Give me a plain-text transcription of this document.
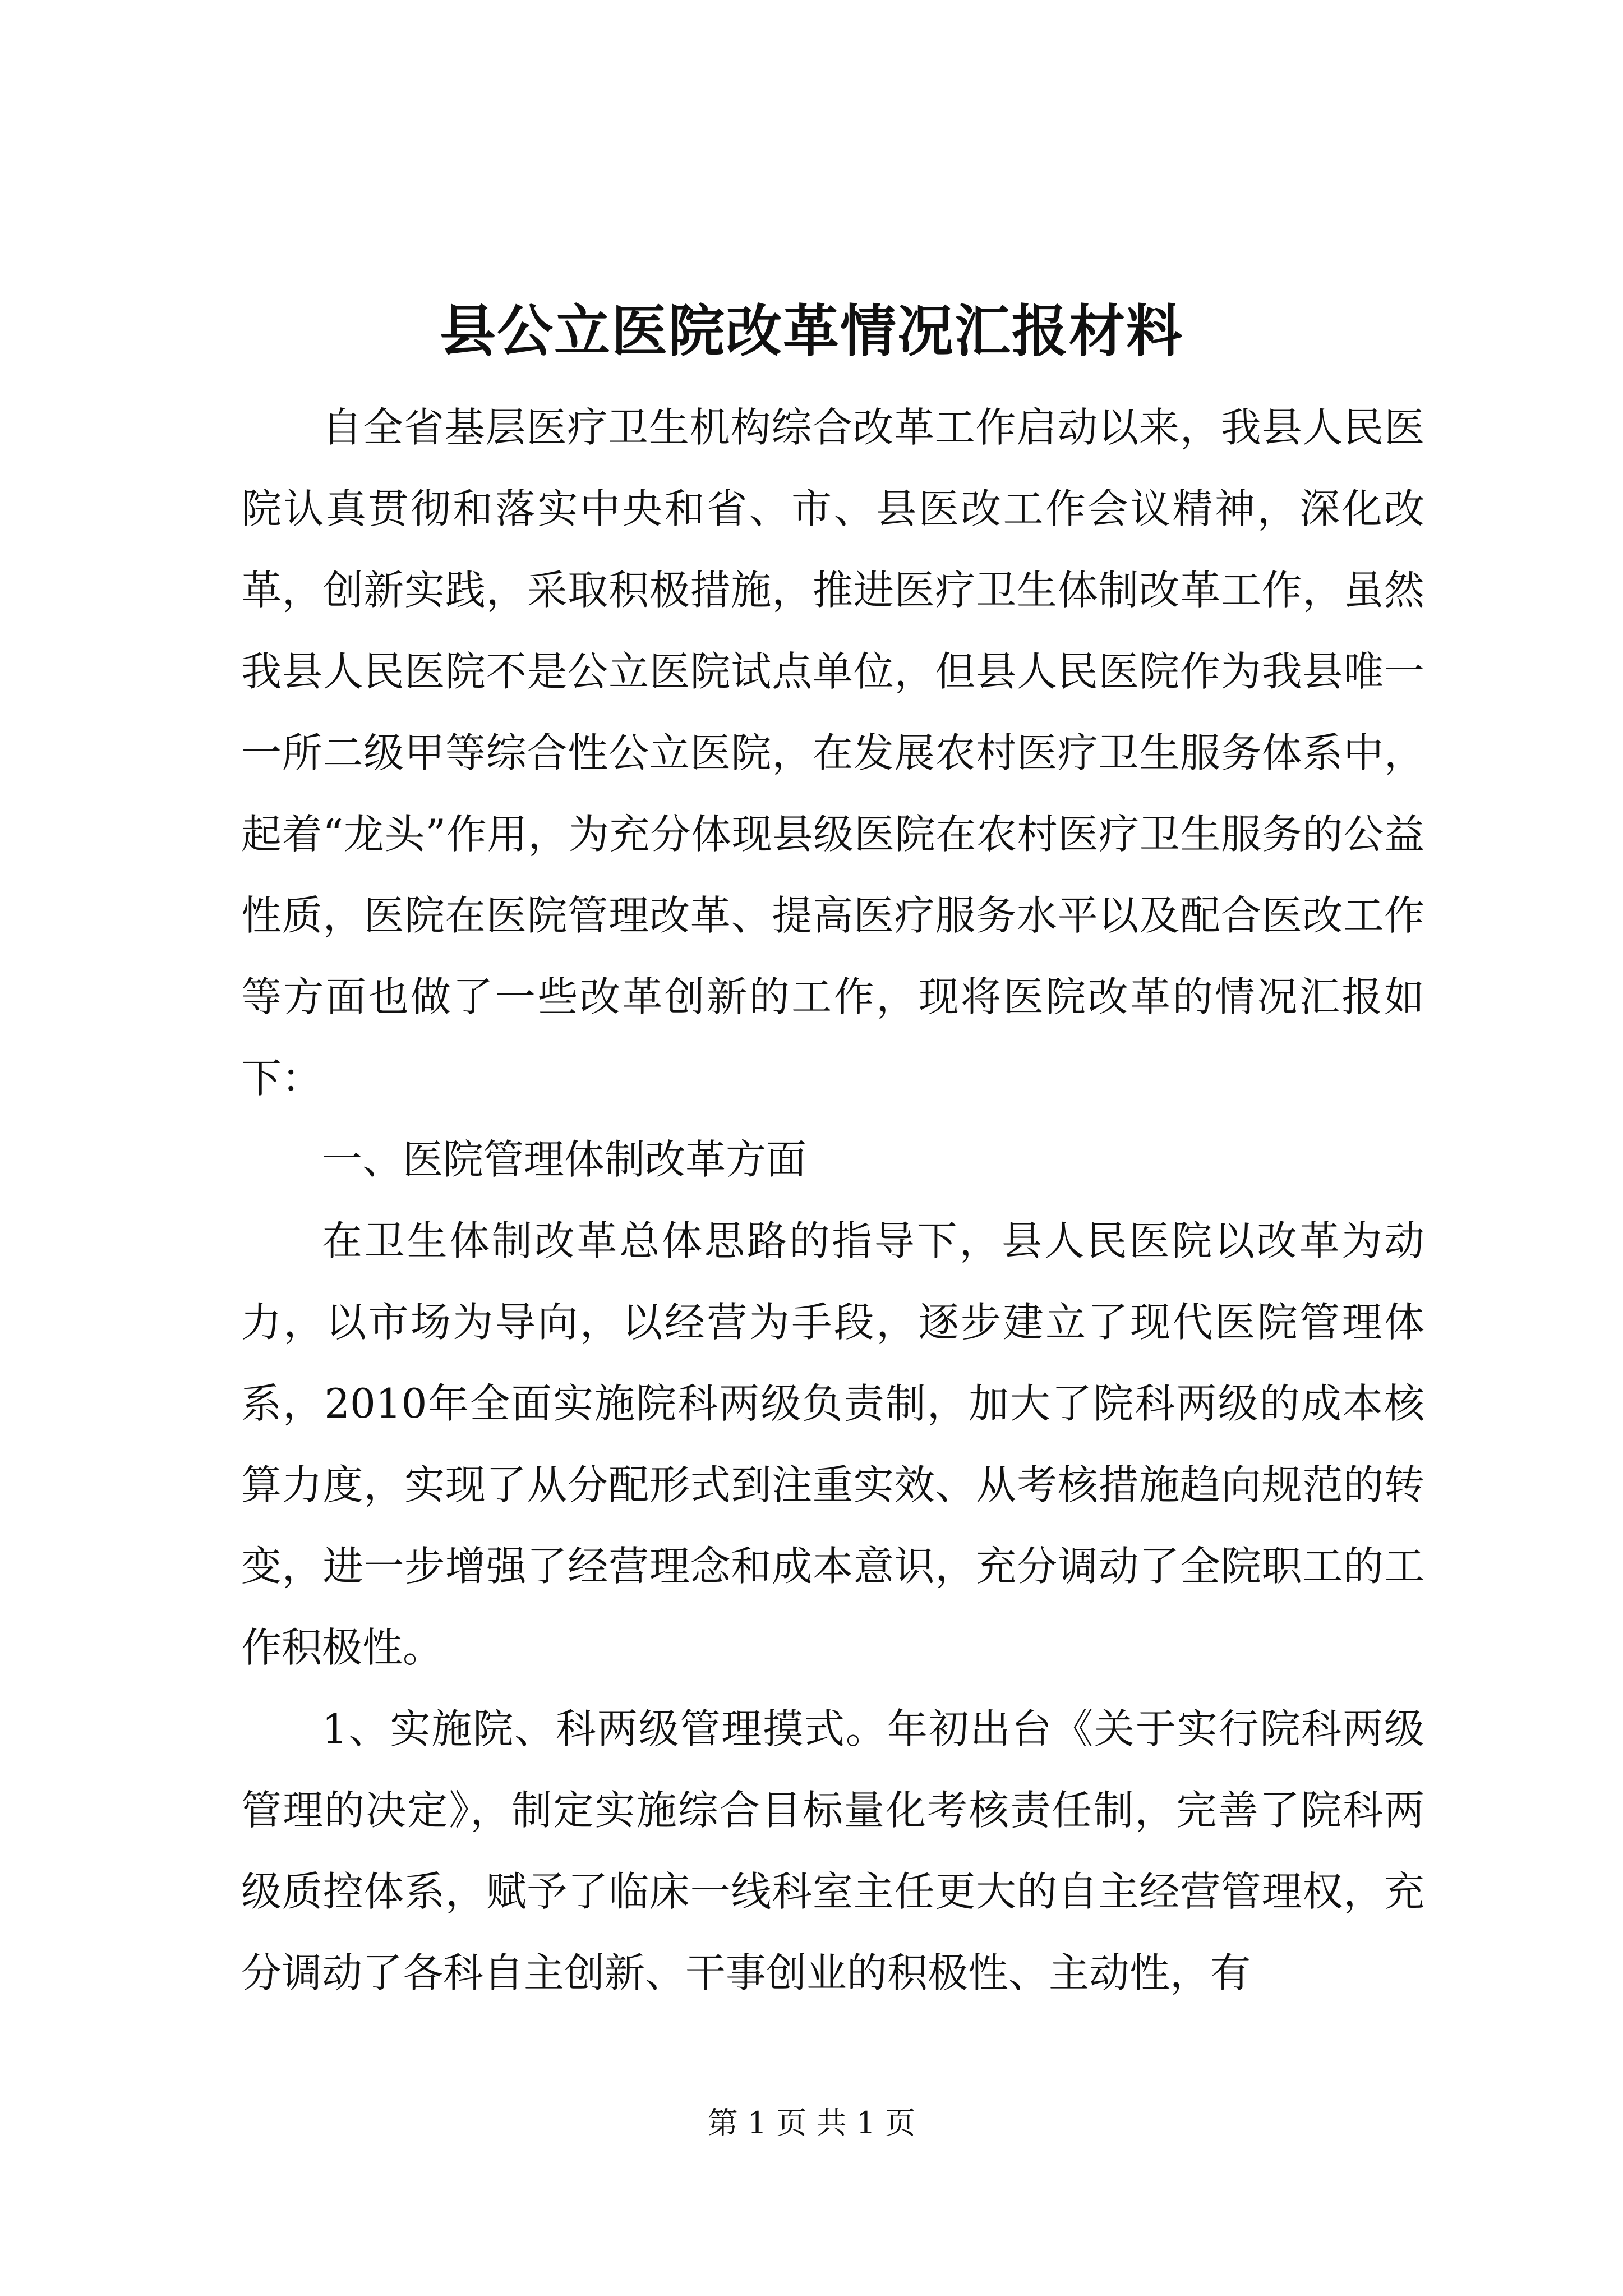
县公立医院改革情况汇报材料

自全省基层医疗卫生机构综合改革工作启动以来，我县人民医院认真贯彻和落实中央和省、市、县医改工作会议精神，深化改革，创新实践，采取积极措施，推进医疗卫生体制改革工作，虽然我县人民医院不是公立医院试点单位，但县人民医院作为我县唯一一所二级甲等综合性公立医院，在发展农村医疗卫生服务体系中，起着“龙头”作用，为充分体现县级医院在农村医疗卫生服务的公益性质，医院在医院管理改革、提高医疗服务水平以及配合医改工作等方面也做了一些改革创新的工作，现将医院改革的情况汇报如下：

一、医院管理体制改革方面

在卫生体制改革总体思路的指导下，县人民医院以改革为动力，以市场为导向，以经营为手段，逐步建立了现代医院管理体系，2010年全面实施院科两级负责制，加大了院科两级的成本核算力度，实现了从分配形式到注重实效、从考核措施趋向规范的转变，进一步增强了经营理念和成本意识，充分调动了全院职工的工作积极性。

1、实施院、科两级管理摸式。年初出台《关于实行院科两级管理的决定》，制定实施综合目标量化考核责任制，完善了院科两级质控体系，赋予了临床一线科室主任更大的自主经营管理权，充分调动了各科自主创新、干事创业的积极性、主动性，有

第 1 页 共 1 页
